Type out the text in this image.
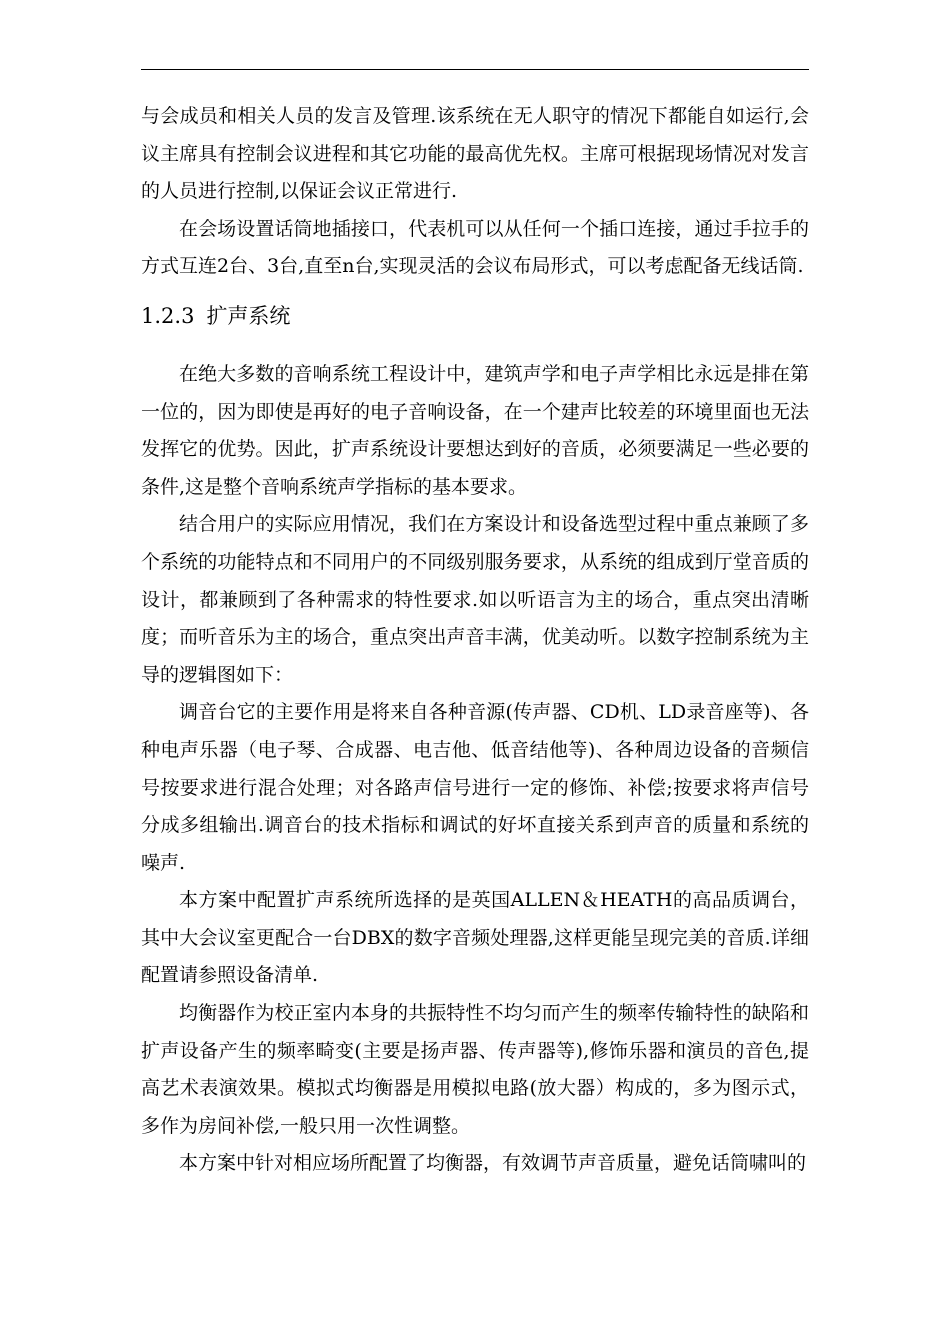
与会成员和相关人员的发言及管理.该系统在无人职守的情况下都能自如运行,会议主席具有控制会议进程和其它功能的最高优先权。主席可根据现场情况对发言的人员进行控制,以保证会议正常进行.

在会场设置话筒地插接口，代表机可以从任何一个插口连接，通过手拉手的方式互连2台、3台,直至n台,实现灵活的会议布局形式，可以考虑配备无线话筒.

1.2.3 扩声系统

在绝大多数的音响系统工程设计中，建筑声学和电子声学相比永远是排在第一位的，因为即使是再好的电子音响设备，在一个建声比较差的环境里面也无法发挥它的优势。因此，扩声系统设计要想达到好的音质，必须要满足一些必要的条件,这是整个音响系统声学指标的基本要求。

结合用户的实际应用情况，我们在方案设计和设备选型过程中重点兼顾了多个系统的功能特点和不同用户的不同级别服务要求，从系统的组成到厅堂音质的设计，都兼顾到了各种需求的特性要求.如以听语言为主的场合，重点突出清晰度；而听音乐为主的场合，重点突出声音丰满，优美动听。以数字控制系统为主导的逻辑图如下：

调音台它的主要作用是将来自各种音源(传声器、CD机、LD录音座等)、各种电声乐器（电子琴、合成器、电吉他、低音结他等)、各种周边设备的音频信号按要求进行混合处理；对各路声信号进行一定的修饰、补偿;按要求将声信号分成多组输出.调音台的技术指标和调试的好坏直接关系到声音的质量和系统的噪声.

本方案中配置扩声系统所选择的是英国ALLEN＆HEATH的高品质调台，其中大会议室更配合一台DBX的数字音频处理器,这样更能呈现完美的音质.详细配置请参照设备清单.

均衡器作为校正室内本身的共振特性不均匀而产生的频率传输特性的缺陷和扩声设备产生的频率畸变(主要是扬声器、传声器等),修饰乐器和演员的音色,提高艺术表演效果。模拟式均衡器是用模拟电路(放大器）构成的，多为图示式，多作为房间补偿,一般只用一次性调整。

本方案中针对相应场所配置了均衡器，有效调节声音质量，避免话筒啸叫的
